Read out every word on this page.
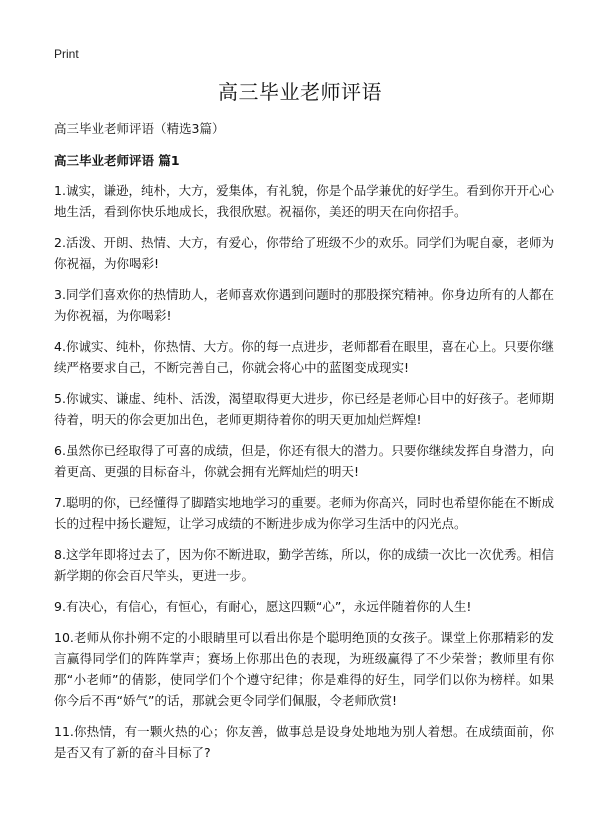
Print
高三毕业老师评语
高三毕业老师评语（精选3篇）
高三毕业老师评语 篇1

1.诚实，谦逊，纯朴，大方，爱集体，有礼貌，你是个品学兼优的好学生。看到你开开心心地生活，看到你快乐地成长，我很欣慰。祝福你，美还的明天在向你招手。

2.活泼、开朗、热情、大方，有爱心，你带给了班级不少的欢乐。同学们为呢自豪，老师为你祝福，为你喝彩!

3.同学们喜欢你的热情助人，老师喜欢你遇到问题时的那股探究精神。你身边所有的人都在为你祝福，为你喝彩!

4.你诚实、纯朴，你热情、大方。你的每一点进步，老师都看在眼里，喜在心上。只要你继续严格要求自己，不断完善自己，你就会将心中的蓝图变成现实!

5.你诚实、谦虚、纯朴、活泼，渴望取得更大进步，你已经是老师心目中的好孩子。老师期待着，明天的你会更加出色，老师更期待着你的明天更加灿烂辉煌!

6.虽然你已经取得了可喜的成绩，但是，你还有很大的潜力。只要你继续发挥自身潜力，向着更高、更强的目标奋斗，你就会拥有光辉灿烂的明天!

7.聪明的你，已经懂得了脚踏实地地学习的重要。老师为你高兴，同时也希望你能在不断成长的过程中扬长避短，让学习成绩的不断进步成为你学习生活中的闪光点。

8.这学年即将过去了，因为你不断进取，勤学苦练，所以，你的成绩一次比一次优秀。相信新学期的你会百尺竿头，更进一步。

9.有决心，有信心，有恒心，有耐心，愿这四颗“心”，永远伴随着你的人生!

10.老师从你扑朔不定的小眼睛里可以看出你是个聪明绝顶的女孩子。课堂上你那精彩的发言赢得同学们的阵阵掌声；赛场上你那出色的表现，为班级赢得了不少荣誉；教师里有你那“小老师”的倩影，使同学们个个遵守纪律；你是难得的好生，同学们以你为榜样。如果你今后不再“娇气”的话，那就会更令同学们佩服，令老师欣赏!

11.你热情，有一颗火热的心；你友善，做事总是设身处地地为别人着想。在成绩面前，你是否又有了新的奋斗目标了?
